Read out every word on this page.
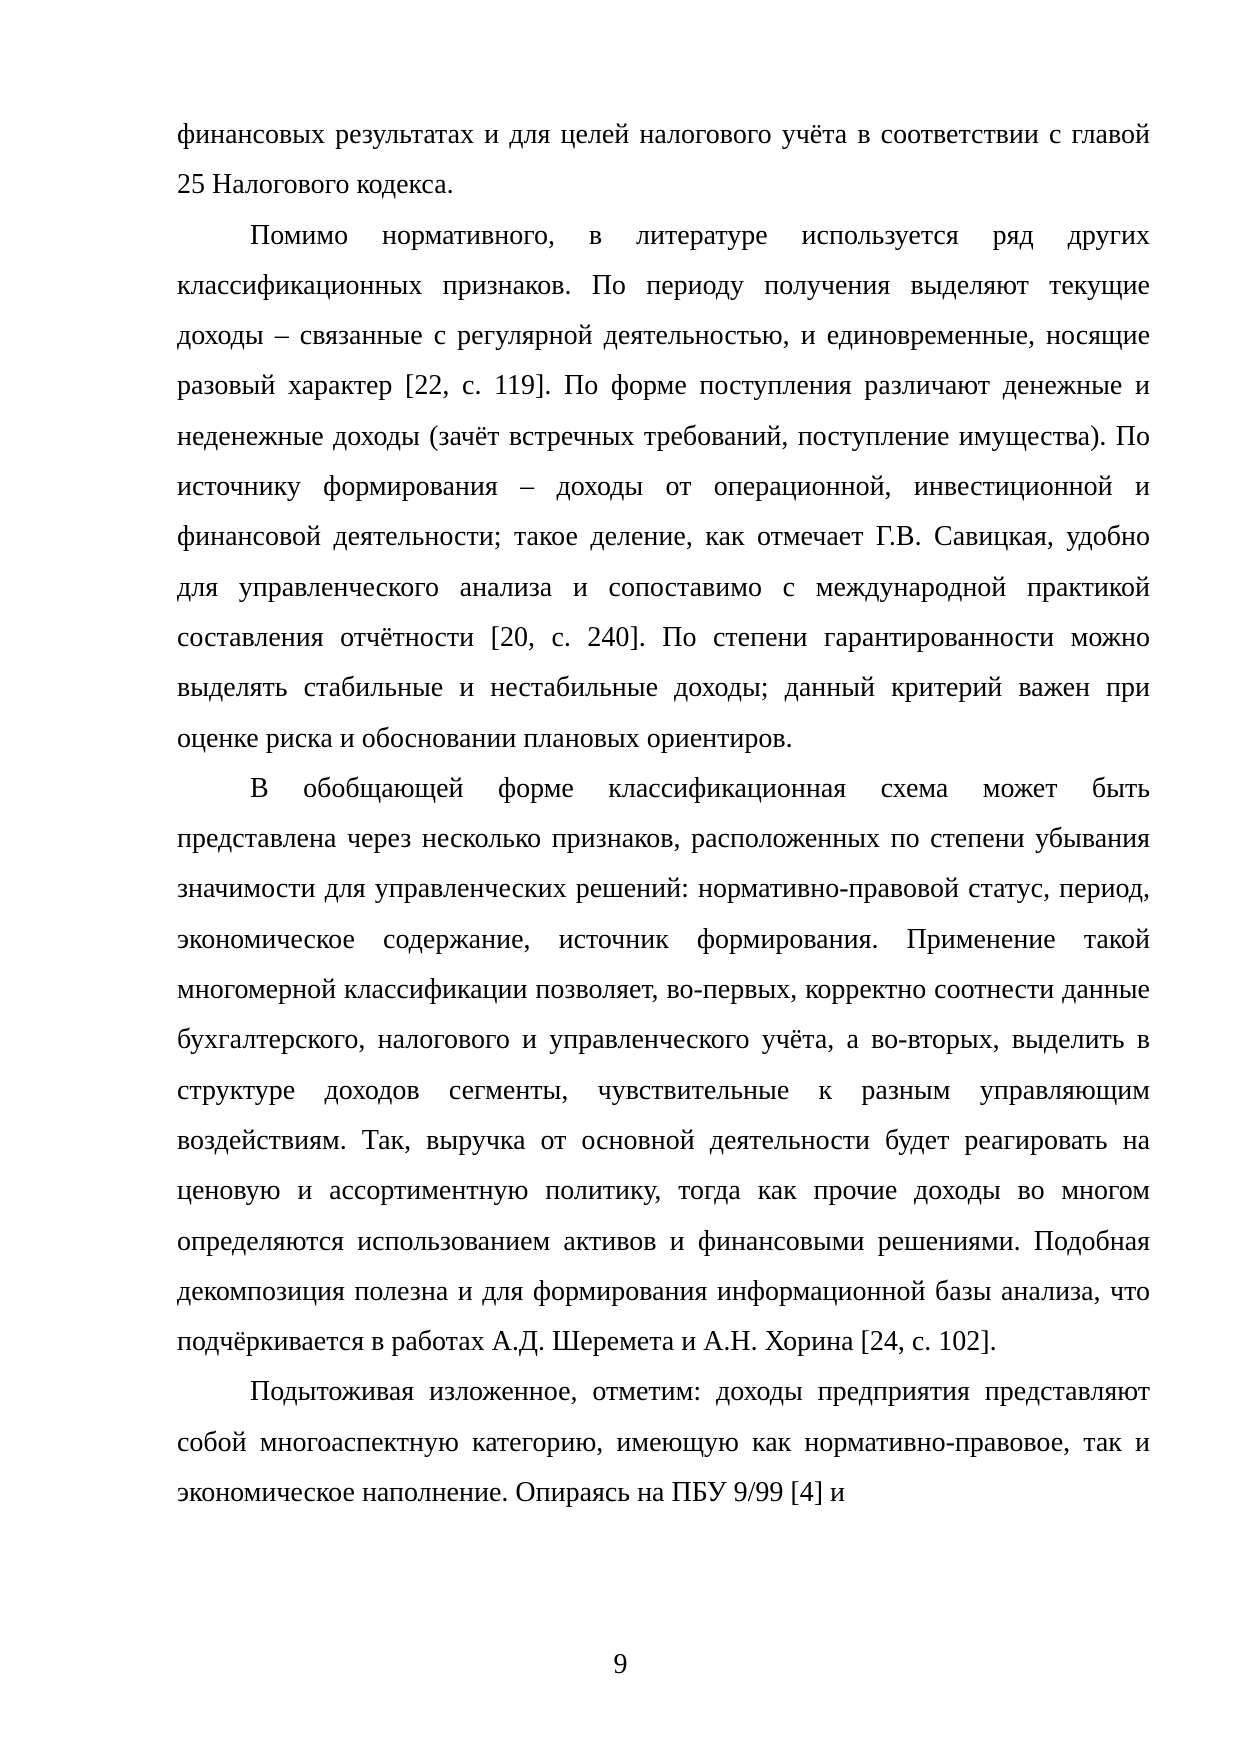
финансовых результатах и для целей налогового учёта в соответствии с главой 25 Налогового кодекса.

Помимо нормативного, в литературе используется ряд других классификационных признаков. По периоду получения выделяют текущие доходы – связанные с регулярной деятельностью, и единовременные, носящие разовый характер [22, с. 119]. По форме поступления различают денежные и неденежные доходы (зачёт встречных требований, поступление имущества). По источнику формирования – доходы от операционной, инвестиционной и финансовой деятельности; такое деление, как отмечает Г.В. Савицкая, удобно для управленческого анализа и сопоставимо с международной практикой составления отчётности [20, с. 240]. По степени гарантированности можно выделять стабильные и нестабильные доходы; данный критерий важен при оценке риска и обосновании плановых ориентиров.

В обобщающей форме классификационная схема может быть представлена через несколько признаков, расположенных по степени убывания значимости для управленческих решений: нормативно-правовой статус, период, экономическое содержание, источник формирования. Применение такой многомерной классификации позволяет, во-первых, корректно соотнести данные бухгалтерского, налогового и управленческого учёта, а во-вторых, выделить в структуре доходов сегменты, чувствительные к разным управляющим воздействиям. Так, выручка от основной деятельности будет реагировать на ценовую и ассортиментную политику, тогда как прочие доходы во многом определяются использованием активов и финансовыми решениями. Подобная декомпозиция полезна и для формирования информационной базы анализа, что подчёркивается в работах А.Д. Шеремета и А.Н. Хорина [24, с. 102].

Подытоживая изложенное, отметим: доходы предприятия представляют собой многоаспектную категорию, имеющую как нормативно-правовое, так и экономическое наполнение. Опираясь на ПБУ 9/99 [4] и

9
